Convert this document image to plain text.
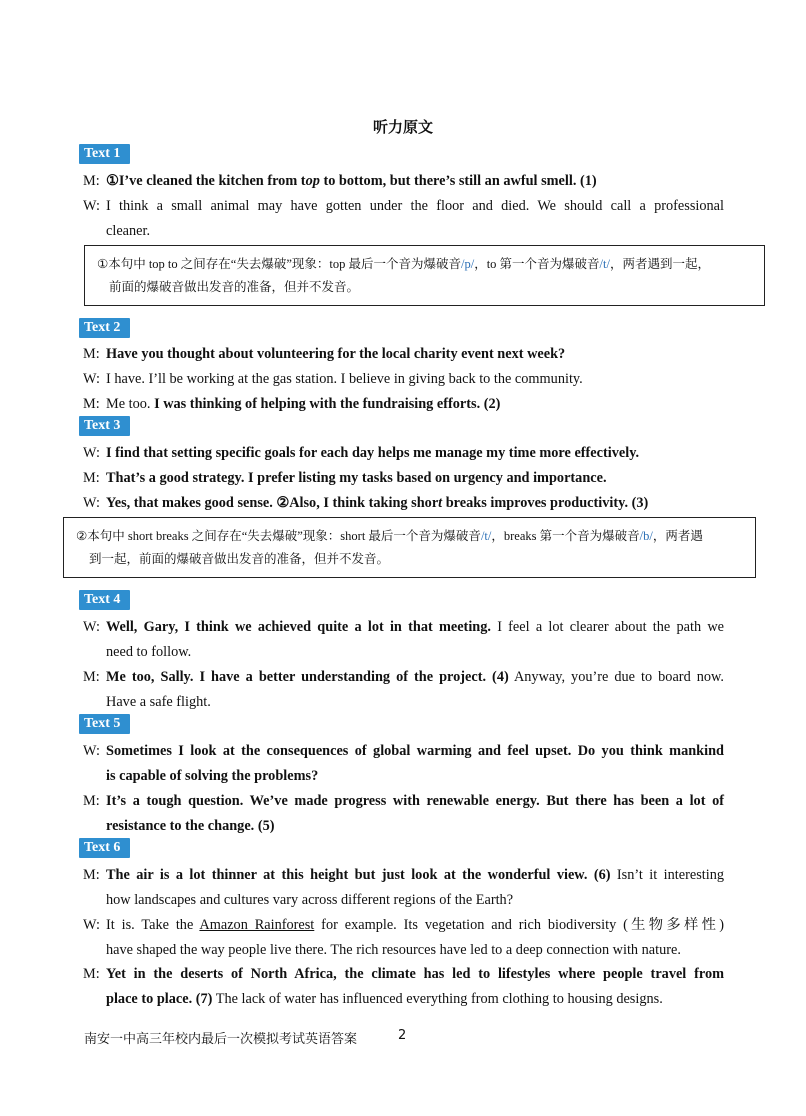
听力原文
Text 1
M: ①I’ve cleaned the kitchen from top to bottom, but there’s still an awful smell. (1)
W: I think a small animal may have gotten under the floor and died. We should call a professional
cleaner.
①本句中 top to 之间存在“失去爆破”现象：top 最后一个音为爆破音/p/，to 第一个音为爆破音/t/，两者遇到一起，
前面的爆破音做出发音的准备，但并不发音。
Text 2
M: Have you thought about volunteering for the local charity event next week?
W: I have. I’ll be working at the gas station. I believe in giving back to the community.
M: Me too. I was thinking of helping with the fundraising efforts. (2)
Text 3
W: I find that setting specific goals for each day helps me manage my time more effectively.
M: That’s a good strategy. I prefer listing my tasks based on urgency and importance.
W: Yes, that makes good sense. ②Also, I think taking short breaks improves productivity. (3)
②本句中 short breaks 之间存在“失去爆破”现象：short 最后一个音为爆破音/t/，breaks 第一个音为爆破音/b/，两者遇
到一起，前面的爆破音做出发音的准备，但并不发音。
Text 4
W: Well, Gary, I think we achieved quite a lot in that meeting. I feel a lot clearer about the path we
need to follow.
M: Me too, Sally. I have a better understanding of the project. (4) Anyway, you’re due to board now.
Have a safe flight.
Text 5
W: Sometimes I look at the consequences of global warming and feel upset. Do you think mankind
is capable of solving the problems?
M: It’s a tough question. We’ve made progress with renewable energy. But there has been a lot of
resistance to the change. (5)
Text 6
M: The air is a lot thinner at this height but just look at the wonderful view. (6) Isn’t it interesting
how landscapes and cultures vary across different regions of the Earth?
W: It is. Take the Amazon Rainforest for example. Its vegetation and rich biodiversity (生物多样性)
have shaped the way people live there. The rich resources have led to a deep connection with nature.
M: Yet in the deserts of North Africa, the climate has led to lifestyles where people travel from
place to place. (7) The lack of water has influenced everything from clothing to housing designs.
南安一中高三年校内最后一次模拟考试英语答案	2
